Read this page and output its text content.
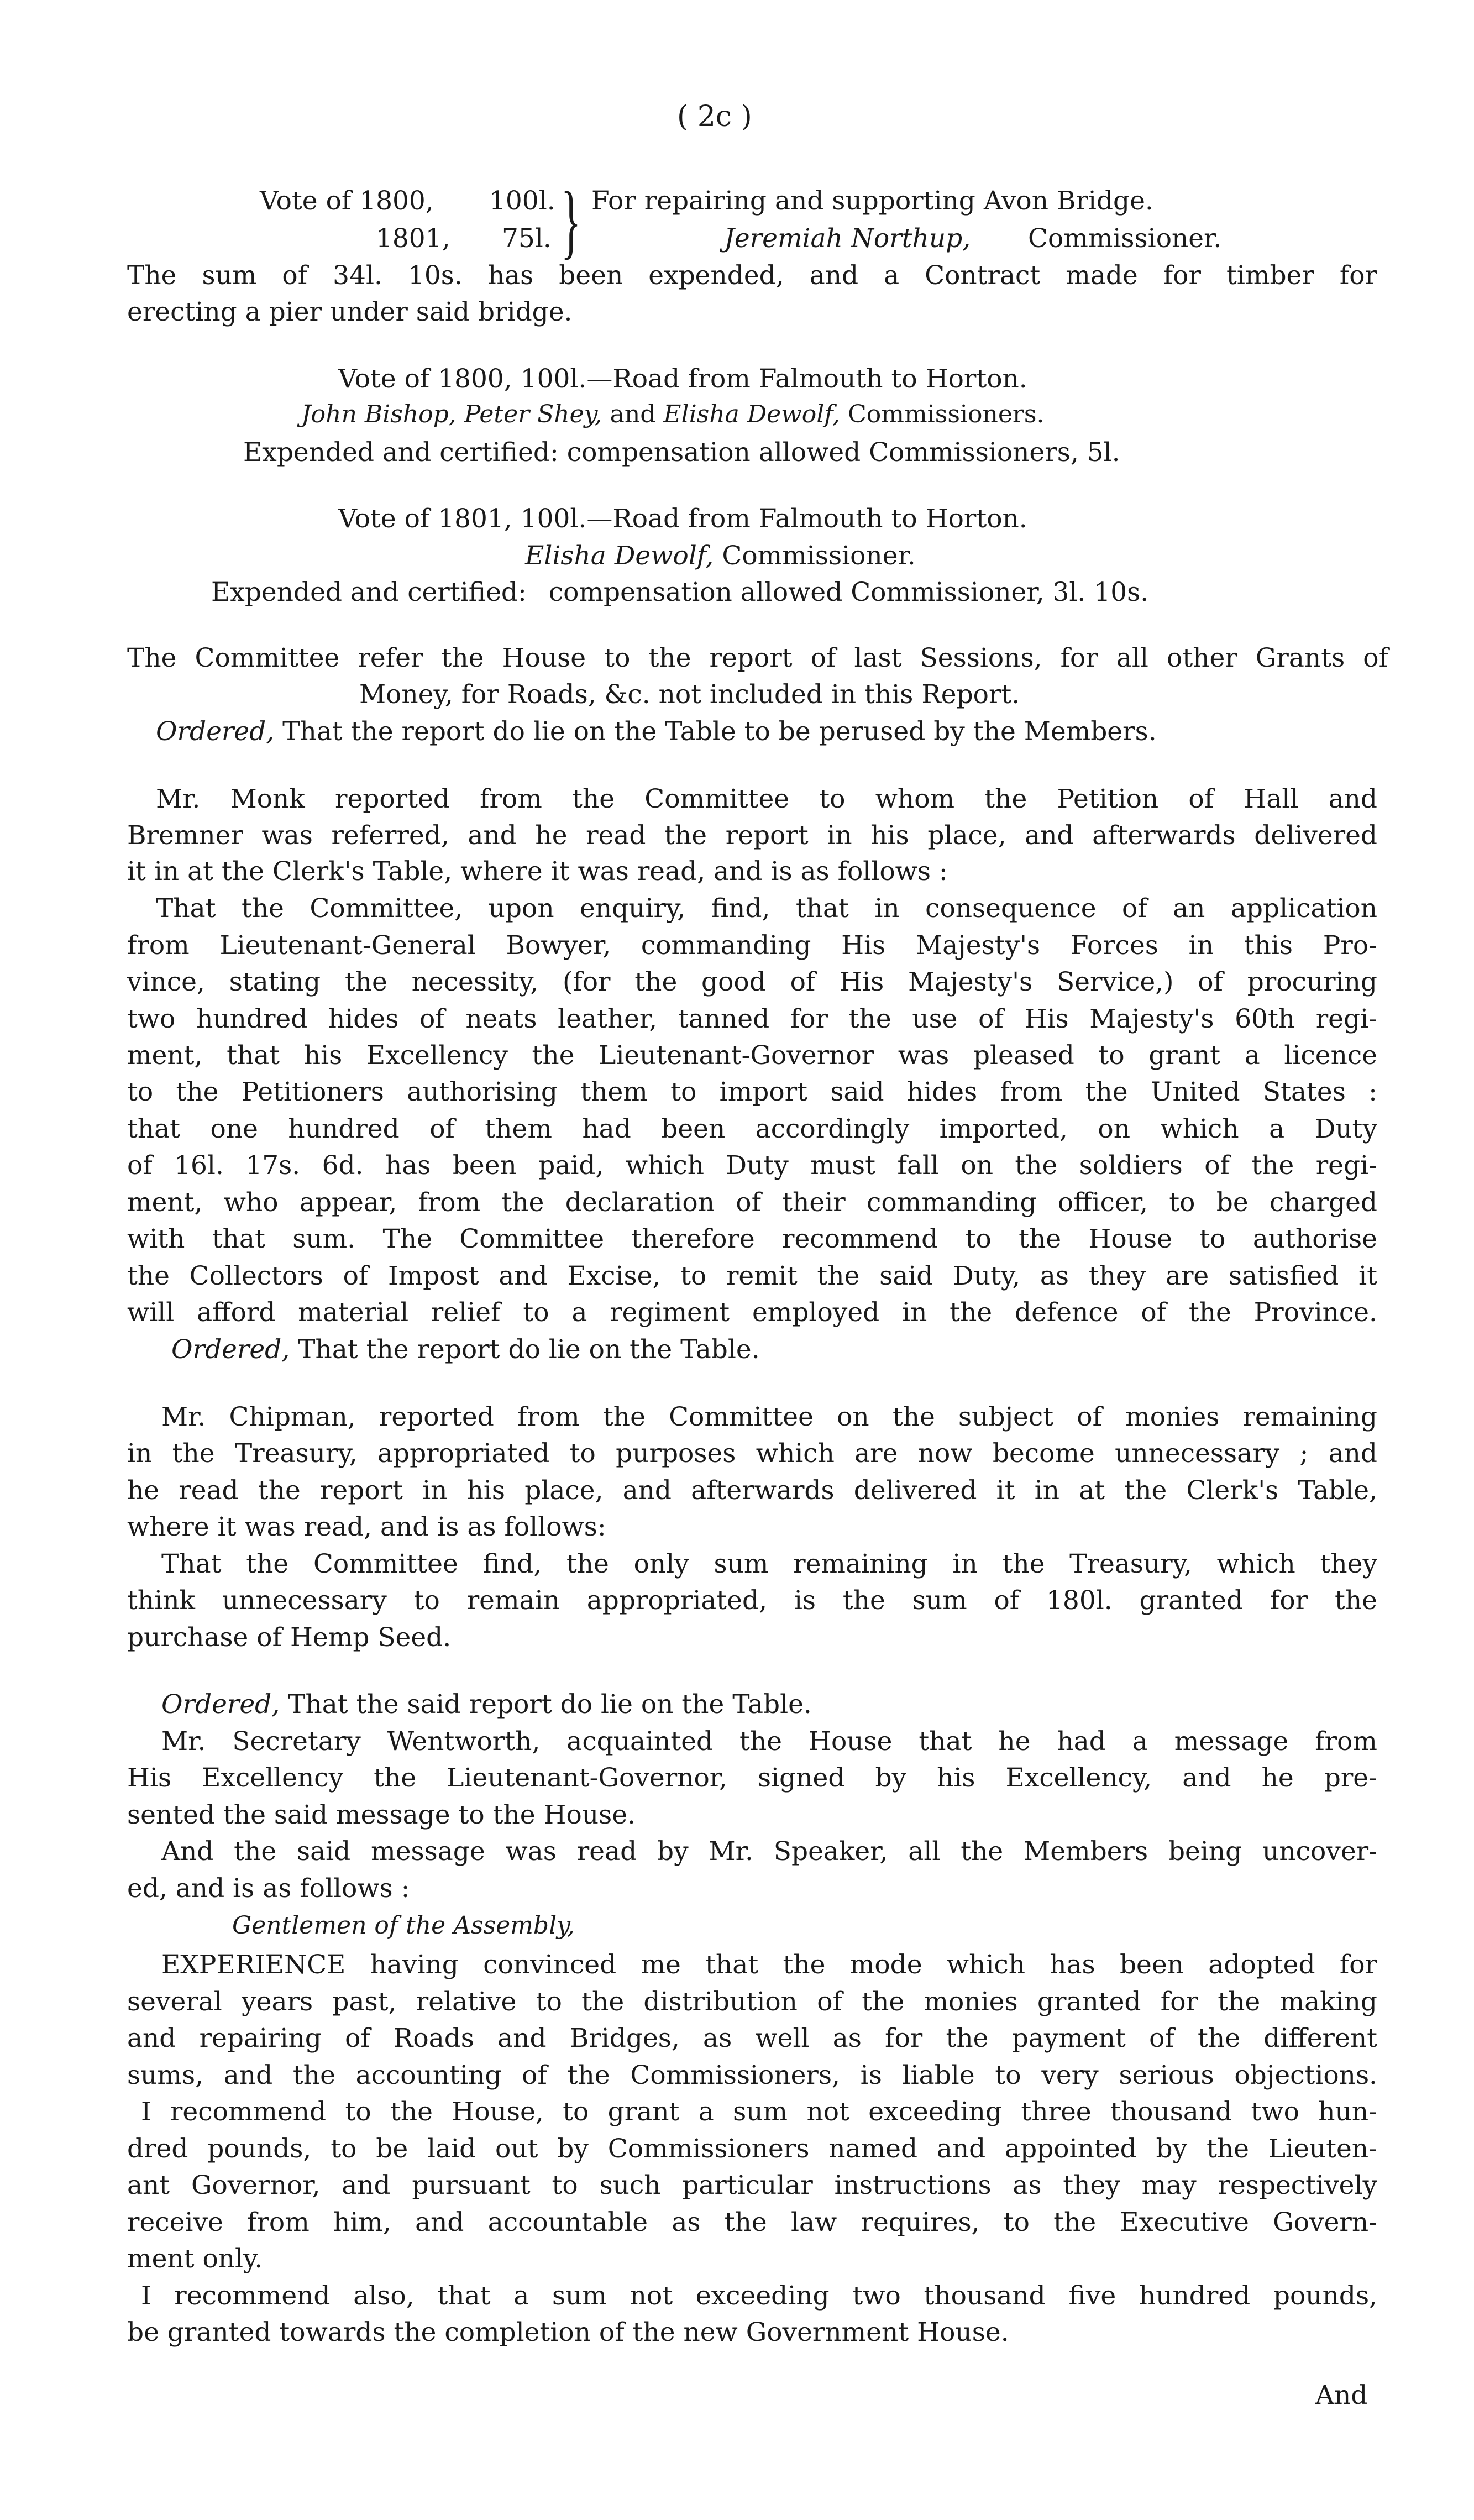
( 2c )
Vote of 1800, 100l.
1801, 75l. } For repairing and supporting Avon Bridge.
Jeremiah Northup, Commissioner.
The sum of 34l. 10s. has been expended, and a Contract made for timber for
erecting a pier under said bridge.
Vote of 1800, 100l.—Road from Falmouth to Horton.
John Bishop, Peter Shey, and Elisha Dewolf, Commissioners.
Expended and certified: compensation allowed Commissioners, 5l.
Vote of 1801, 100l.—Road from Falmouth to Horton.
Elisha Dewolf, Commissioner.
Expended and certified: compensation allowed Commissioner, 3l. 10s.
The Committee refer the House to the report of last Sessions, for all other Grants of
Money, for Roads, &c. not included in this Report.
Ordered, That the report do lie on the Table to be perused by the Members.
Mr. Monk reported from the Committee to whom the Petition of Hall and
Bremner was referred, and he read the report in his place, and afterwards delivered
it in at the Clerk's Table, where it was read, and is as follows :
That the Committee, upon enquiry, find, that in consequence of an application
from Lieutenant-General Bowyer, commanding His Majesty's Forces in this Pro-
vince, stating the necessity, (for the good of His Majesty's Service,) of procuring
two hundred hides of neats leather, tanned for the use of His Majesty's 60th regi-
ment, that his Excellency the Lieutenant-Governor was pleased to grant a licence
to the Petitioners authorising them to import said hides from the United States :
that one hundred of them had been accordingly imported, on which a Duty
of 16l. 17s. 6d. has been paid, which Duty must fall on the soldiers of the regi-
ment, who appear, from the declaration of their commanding officer, to be charged
with that sum. The Committee therefore recommend to the House to authorise
the Collectors of Impost and Excise, to remit the said Duty, as they are satisfied it
will afford material relief to a regiment employed in the defence of the Province.
Ordered, That the report do lie on the Table.
Mr. Chipman, reported from the Committee on the subject of monies remaining
in the Treasury, appropriated to purposes which are now become unnecessary ; and
he read the report in his place, and afterwards delivered it in at the Clerk's Table,
where it was read, and is as follows:
That the Committee find, the only sum remaining in the Treasury, which they
think unnecessary to remain appropriated, is the sum of 180l. granted for the
purchase of Hemp Seed.
Ordered, That the said report do lie on the Table.
Mr. Secretary Wentworth, acquainted the House that he had a message from
His Excellency the Lieutenant-Governor, signed by his Excellency, and he pre-
sented the said message to the House.
And the said message was read by Mr. Speaker, all the Members being uncover-
ed, and is as follows :
Gentlemen of the Assembly,
EXPERIENCE having convinced me that the mode which has been adopted for
several years past, relative to the distribution of the monies granted for the making
and repairing of Roads and Bridges, as well as for the payment of the different
sums, and the accounting of the Commissioners, is liable to very serious objections.
I recommend to the House, to grant a sum not exceeding three thousand two hun-
dred pounds, to be laid out by Commissioners named and appointed by the Lieuten-
ant Governor, and pursuant to such particular instructions as they may respectively
receive from him, and accountable as the law requires, to the Executive Govern-
ment only.
I recommend also, that a sum not exceeding two thousand five hundred pounds,
be granted towards the completion of the new Government House.
And
